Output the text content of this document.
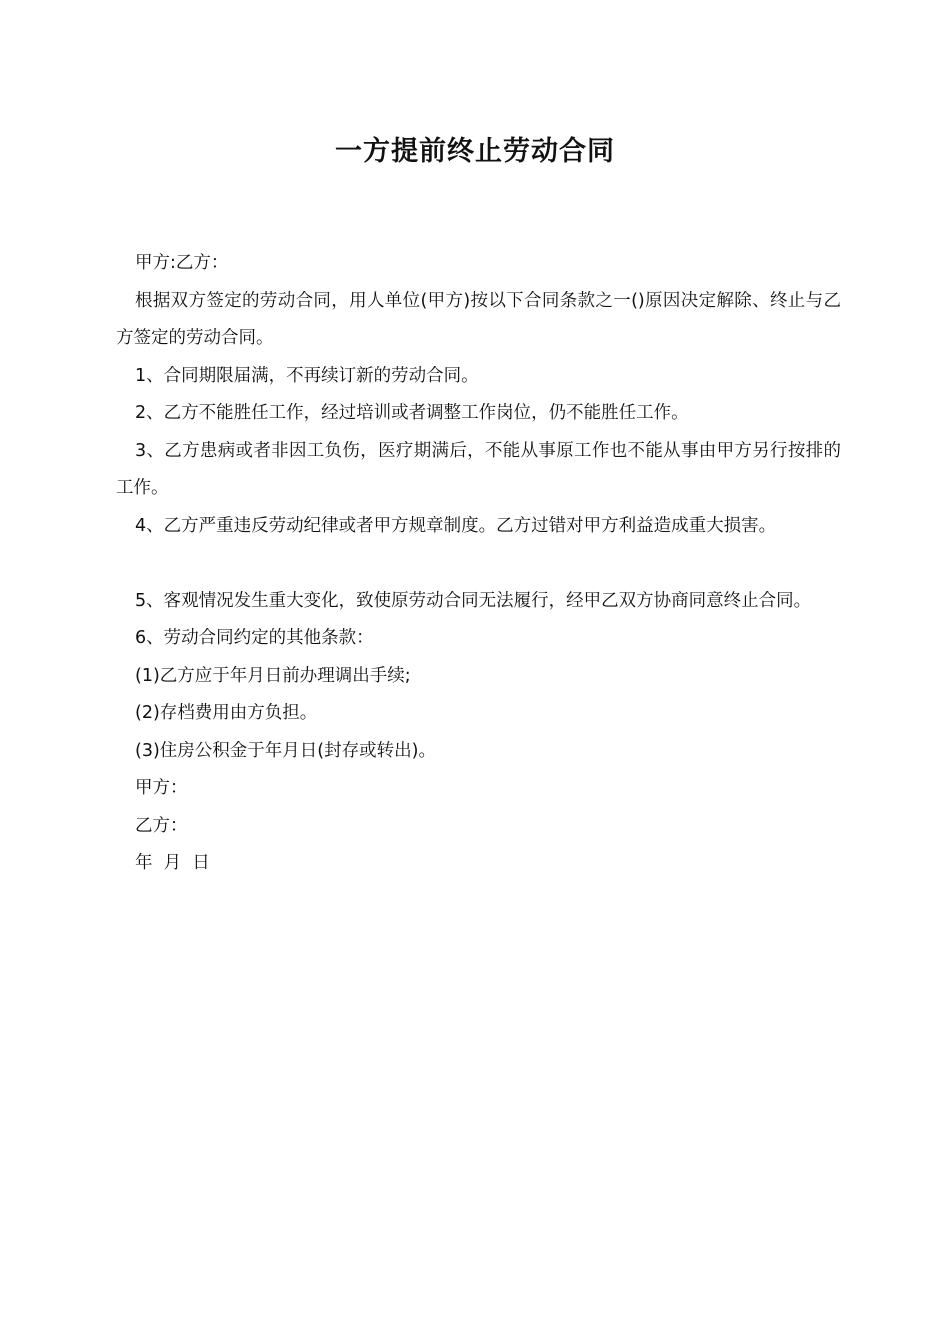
一方提前终止劳动合同

甲方:乙方：

根据双方签定的劳动合同，用人单位(甲方)按以下合同条款之一()原因决定解除、终止与乙方签定的劳动合同。

1、合同期限届满，不再续订新的劳动合同。

2、乙方不能胜任工作，经过培训或者调整工作岗位，仍不能胜任工作。

3、乙方患病或者非因工负伤，医疗期满后，不能从事原工作也不能从事由甲方另行按排的工作。

4、乙方严重违反劳动纪律或者甲方规章制度。乙方过错对甲方利益造成重大损害。

5、客观情况发生重大变化，致使原劳动合同无法履行，经甲乙双方协商同意终止合同。

6、劳动合同约定的其他条款：

(1)乙方应于年月日前办理调出手续;

(2)存档费用由方负担。

(3)住房公积金于年月日(封存或转出)。

甲方：

乙方：

年  月  日
